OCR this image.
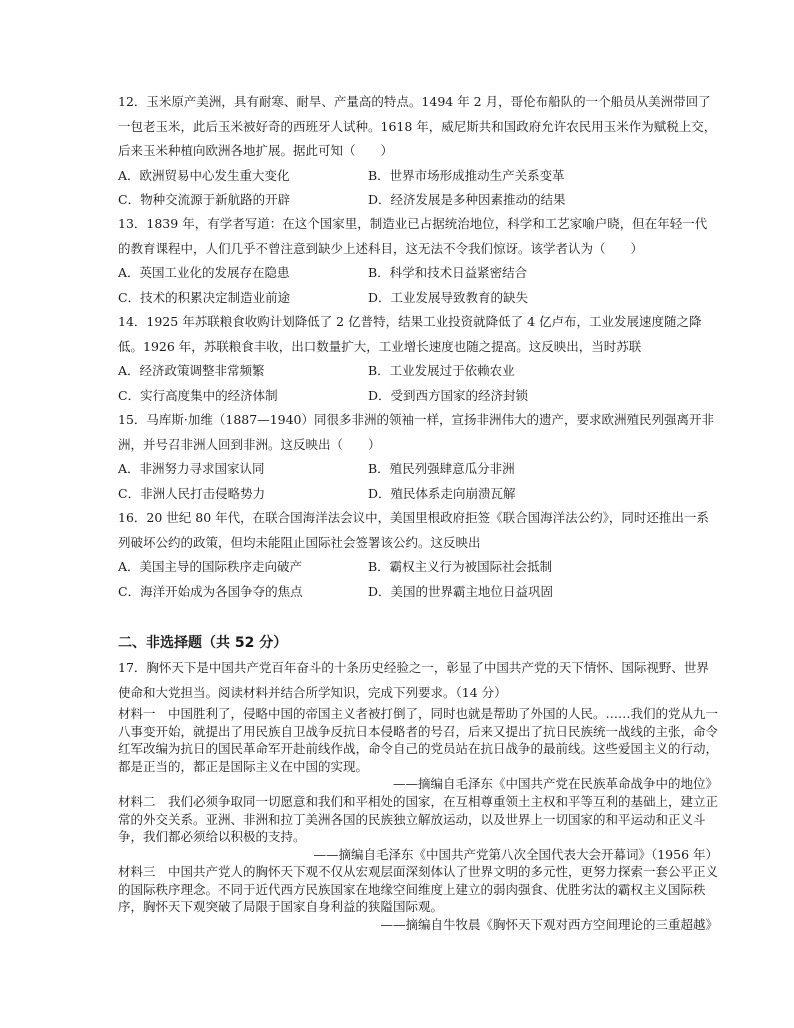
12．玉米原产美洲，具有耐寒、耐旱、产量高的特点。1494 年 2 月，哥伦布船队的一个船员从美洲带回了一包老玉米，此后玉米被好奇的西班牙人试种。1618 年，威尼斯共和国政府允许农民用玉米作为赋税上交，后来玉米种植向欧洲各地扩展。据此可知（　　）

A．欧洲贸易中心发生重大变化	B．世界市场形成推动生产关系变革
C．物种交流源于新航路的开辟	D．经济发展是多种因素推动的结果

13．1839 年，有学者写道：在这个国家里，制造业已占据统治地位，科学和工艺家喻户晓，但在年轻一代的教育课程中，人们几乎不曾注意到缺少上述科目，这无法不令我们惊讶。该学者认为（　　）

A．英国工业化的发展存在隐患	B．科学和技术日益紧密结合
C．技术的积累决定制造业前途	D．工业发展导致教育的缺失

14．1925 年苏联粮食收购计划降低了 2 亿普特，结果工业投资就降低了 4 亿卢布，工业发展速度随之降低。1926 年，苏联粮食丰收，出口数量扩大，工业增长速度也随之提高。这反映出，当时苏联

A．经济政策调整非常频繁	B．工业发展过于依赖农业
C．实行高度集中的经济体制	D．受到西方国家的经济封锁

15．马库斯·加维（1887—1940）同很多非洲的领袖一样，宣扬非洲伟大的遗产，要求欧洲殖民列强离开非洲，并号召非洲人回到非洲。这反映出（　　）

A．非洲努力寻求国家认同	B．殖民列强肆意瓜分非洲
C．非洲人民打击侵略势力	D．殖民体系走向崩溃瓦解

16．20 世纪 80 年代，在联合国海洋法会议中，美国里根政府拒签《联合国海洋法公约》，同时还推出一系列破坏公约的政策，但均未能阻止国际社会签署该公约。这反映出

A．美国主导的国际秩序走向破产	B．霸权主义行为被国际社会抵制
C．海洋开始成为各国争夺的焦点	D．美国的世界霸主地位日益巩固
二、非选择题（共 52 分）
17．胸怀天下是中国共产党百年奋斗的十条历史经验之一，彰显了中国共产党的天下情怀、国际视野、世界使命和大党担当。阅读材料并结合所学知识，完成下列要求。（14 分）

材料一　中国胜利了，侵略中国的帝国主义者被打倒了，同时也就是帮助了外国的人民。……我们的党从九一八事变开始，就提出了用民族自卫战争反抗日本侵略者的号召，后来又提出了抗日民族统一战线的主张，命令红军改编为抗日的国民革命军开赴前线作战，命令自己的党员站在抗日战争的最前线。这些爱国主义的行动，都是正当的，都正是国际主义在中国的实现。

——摘编自毛泽东《中国共产党在民族革命战争中的地位》

材料二　我们必须争取同一切愿意和我们和平相处的国家，在互相尊重领土主权和平等互利的基础上，建立正常的外交关系。亚洲、非洲和拉丁美洲各国的民族独立解放运动，以及世界上一切国家的和平运动和正义斗争，我们都必须给以积极的支持。

——摘编自毛泽东《中国共产党第八次全国代表大会开幕词》（1956 年）

材料三　中国共产党人的胸怀天下观不仅从宏观层面深刻体认了世界文明的多元性，更努力探索一套公平正义的国际秩序理念。不同于近代西方民族国家在地缘空间维度上建立的弱肉强食、优胜劣汰的霸权主义国际秩序，胸怀天下观突破了局限于国家自身利益的狭隘国际观。

——摘编自牛牧晨《胸怀天下观对西方空间理论的三重超越》
